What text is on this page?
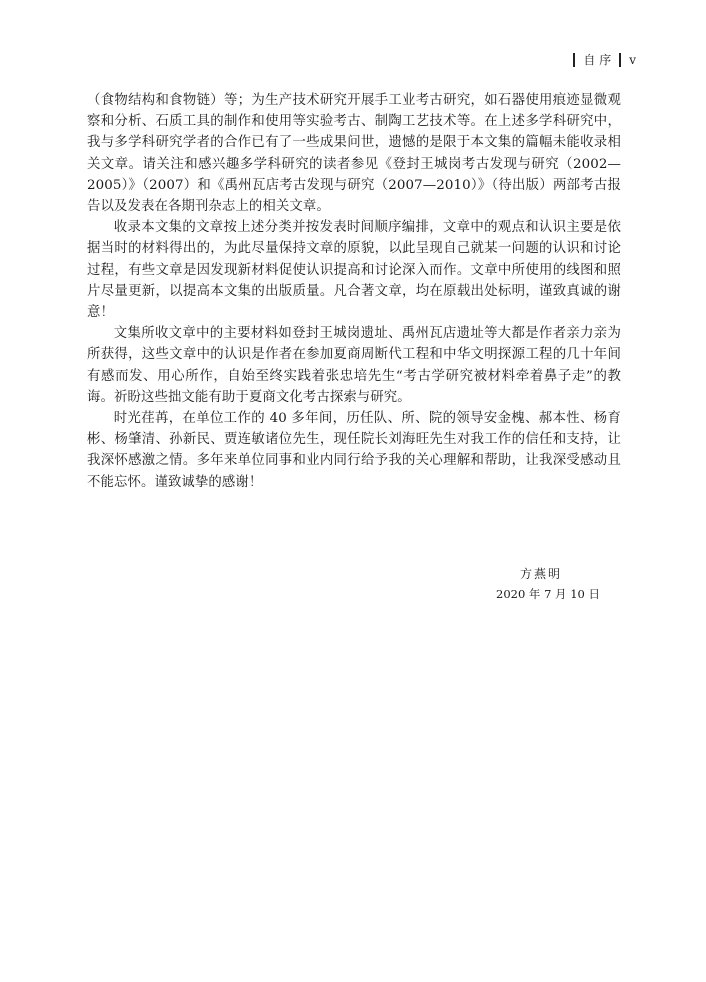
自 序 v

（食物结构和食物链）等；为生产技术研究开展手工业考古研究，如石器使用痕迹显微观察和分析、石质工具的制作和使用等实验考古、制陶工艺技术等。在上述多学科研究中，我与多学科研究学者的合作已有了一些成果问世，遗憾的是限于本文集的篇幅未能收录相关文章。请关注和感兴趣多学科研究的读者参见《登封王城岗考古发现与研究（2002—2005）》（2007）和《禹州瓦店考古发现与研究（2007—2010）》（待出版）两部考古报告以及发表在各期刊杂志上的相关文章。

收录本文集的文章按上述分类并按发表时间顺序编排，文章中的观点和认识主要是依据当时的材料得出的，为此尽量保持文章的原貌，以此呈现自己就某一问题的认识和讨论过程，有些文章是因发现新材料促使认识提高和讨论深入而作。文章中所使用的线图和照片尽量更新，以提高本文集的出版质量。凡合著文章，均在原载出处标明，谨致真诚的谢意！

文集所收文章中的主要材料如登封王城岗遗址、禹州瓦店遗址等大都是作者亲力亲为所获得，这些文章中的认识是作者在参加夏商周断代工程和中华文明探源工程的几十年间有感而发、用心所作，自始至终实践着张忠培先生“考古学研究被材料牵着鼻子走”的教诲。祈盼这些拙文能有助于夏商文化考古探索与研究。

时光荏苒，在单位工作的 40 多年间，历任队、所、院的领导安金槐、郝本性、杨育彬、杨肇清、孙新民、贾连敏诸位先生，现任院长刘海旺先生对我工作的信任和支持，让我深怀感激之情。多年来单位同事和业内同行给予我的关心理解和帮助，让我深受感动且不能忘怀。谨致诚挚的感谢！

方燕明
2020 年 7 月 10 日
